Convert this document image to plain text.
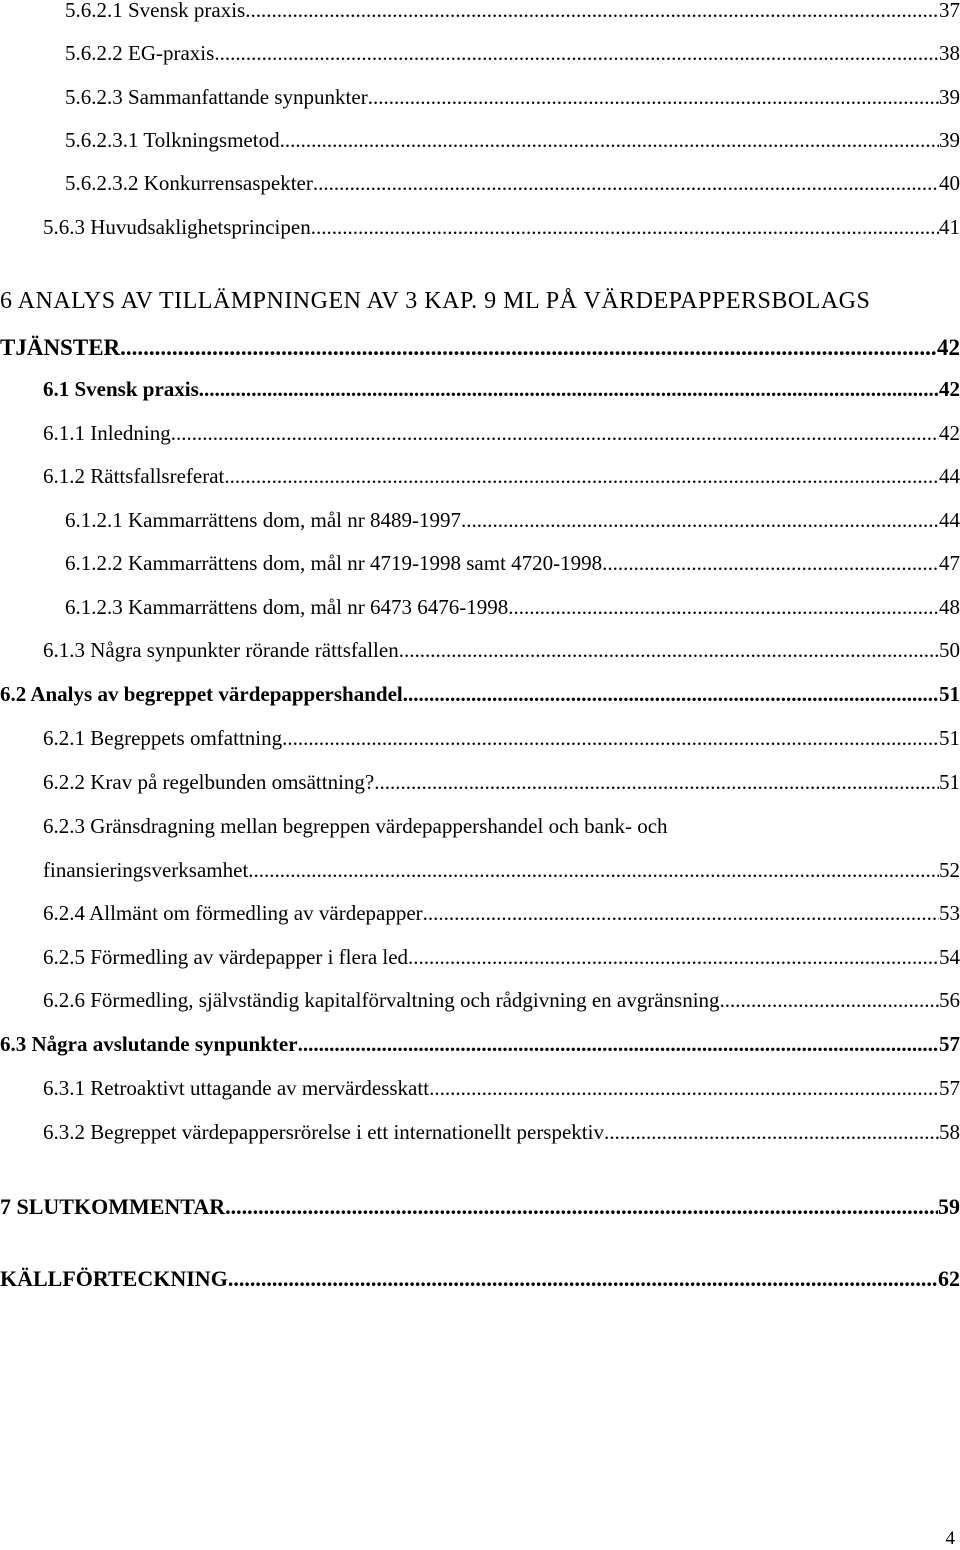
5.6.2.1 Svensk praxis .....	37
5.6.2.2 EG-praxis .....	38
5.6.2.3 Sammanfattande synpunkter .....	39
5.6.2.3.1 Tolkningsmetod .....	39
5.6.2.3.2 Konkurrensaspekter .....	40
5.6.3 Huvudsaklighetsprincipen .....	41
6 ANALYS AV TILLÄMPNINGEN AV 3 KAP. 9 ML PÅ VÄRDEPAPPERSBOLAGS
TJÄNSTER .....	42
6.1 Svensk praxis .....	42
6.1.1 Inledning .....	42
6.1.2 Rättsfallsreferat .....	44
6.1.2.1 Kammarrättens dom, mål nr 8489-1997 .....	44
6.1.2.2 Kammarrättens dom, mål nr 4719-1998 samt 4720-1998 .....	47
6.1.2.3 Kammarrättens dom, mål nr 6473 6476-1998 .....	48
6.1.3 Några synpunkter rörande rättsfallen .....	50
6.2 Analys av begreppet värdepappershandel .....	51
6.2.1 Begreppets omfattning .....	51
6.2.2 Krav på regelbunden omsättning? .....	51
6.2.3 Gränsdragning mellan begreppen värdepappershandel och bank- och
finansieringsverksamhet .....	52
6.2.4 Allmänt om förmedling av värdepapper .....	53
6.2.5 Förmedling av värdepapper i flera led .....	54
6.2.6 Förmedling, självständig kapitalförvaltning och rådgivning en avgränsning .....	56
6.3 Några avslutande synpunkter .....	57
6.3.1 Retroaktivt uttagande av mervärdesskatt .....	57
6.3.2 Begreppet värdepappersrörelse i ett internationellt perspektiv .....	58
7 SLUTKOMMENTAR .....	59
KÄLLFÖRTECKNING .....	62
4
